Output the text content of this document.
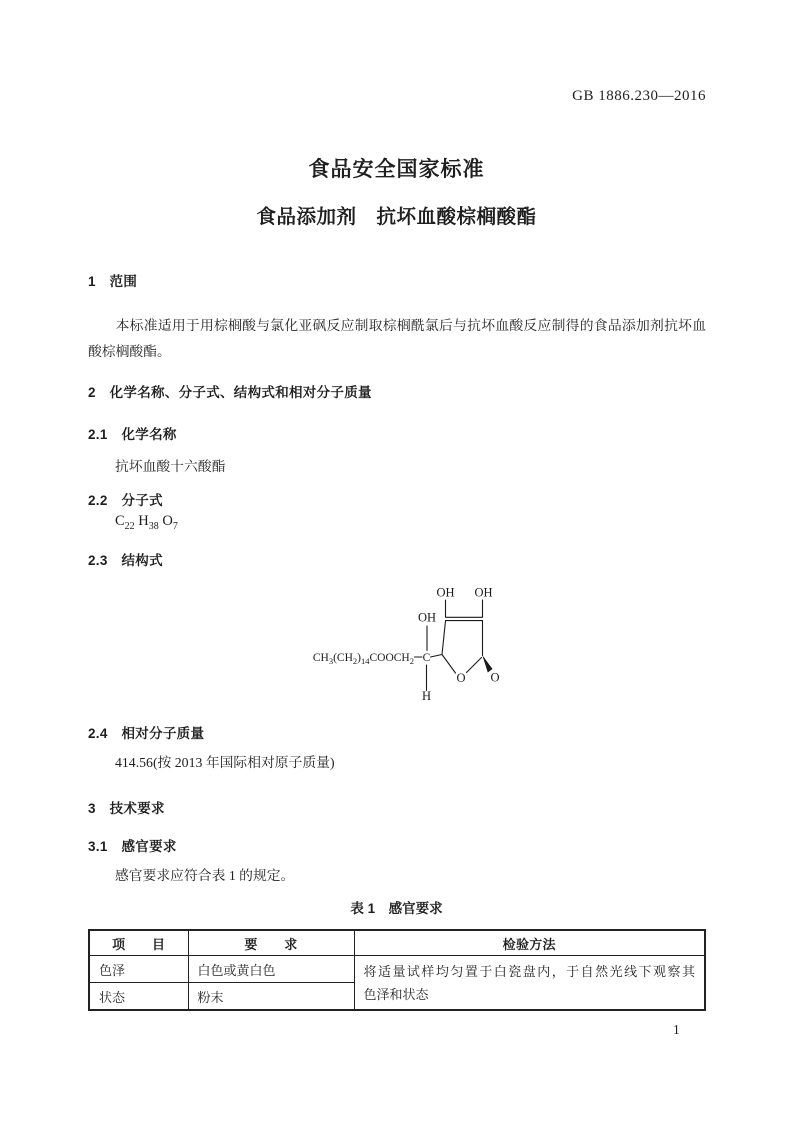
GB 1886.230—2016
食品安全国家标准
食品添加剂　抗坏血酸棕榈酸酯
1　范围
本标准适用于用棕榈酸与氯化亚砜反应制取棕榈酰氯后与抗坏血酸反应制得的食品添加剂抗坏血酸棕榈酸酯。
2　化学名称、分子式、结构式和相对分子质量
2.1　化学名称
抗坏血酸十六酸酯
2.2　分子式
$C_{22}$ $H_{38}$ $O_7$
2.3　结构式
OH OH
OH
$CH_3(CH_2)_{14}COOCH_2$ C
O O
H
2.4　相对分子质量
414.56(按 2013 年国际相对原子质量)
3　技术要求
3.1　感官要求
感官要求应符合表 1 的规定。
表 1　感官要求
项　　目	要　　求	检验方法
色泽	白色或黄白色	将适量试样均匀置于白瓷盘内，于自然光线下观察其
色泽和状态

状态	粉末	
1
